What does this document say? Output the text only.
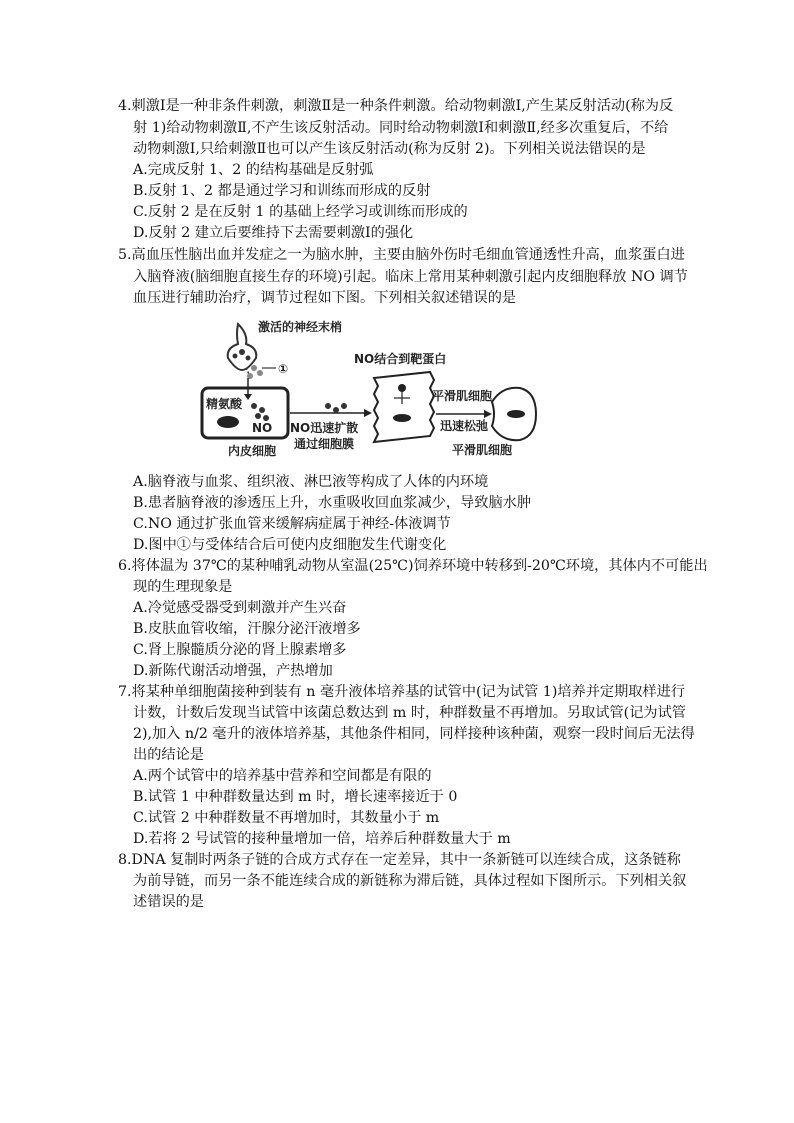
4.刺激Ⅰ是一种非条件刺激，刺激Ⅱ是一种条件刺激。给动物刺激Ⅰ,产生某反射活动(称为反
射 1)给动物刺激Ⅱ,不产生该反射活动。同时给动物刺激Ⅰ和刺激Ⅱ,经多次重复后，不给
动物刺激Ⅰ,只给刺激Ⅱ也可以产生该反射活动(称为反射 2)。下列相关说法错误的是
A.完成反射 1、2 的结构基础是反射弧
B.反射 1、2 都是通过学习和训练而形成的反射
C.反射 2 是在反射 1 的基础上经学习或训练而形成的
D.反射 2 建立后要维持下去需要刺激Ⅰ的强化
5.高血压性脑出血并发症之一为脑水肿，主要由脑外伤时毛细血管通透性升高，血浆蛋白进
入脑脊液(脑细胞直接生存的环境)引起。临床上常用某种刺激引起内皮细胞释放 NO 调节
血压进行辅助治疗，调节过程如下图。下列相关叙述错误的是
激活的神经末梢
①
精氨酸
NO
内皮细胞
NO迅速扩散
通过细胞膜
NO结合到靶蛋白
平滑肌细胞
迅速松弛
平滑肌细胞
A.脑脊液与血浆、组织液、淋巴液等构成了人体的内环境
B.患者脑脊液的渗透压上升，水重吸收回血浆减少，导致脑水肿
C.NO 通过扩张血管来缓解病症属于神经-体液调节
D.图中①与受体结合后可使内皮细胞发生代谢变化
6.将体温为 37℃的某种哺乳动物从室温(25℃)饲养环境中转移到-20℃环境，其体内不可能出
现的生理现象是
A.冷觉感受器受到刺激并产生兴奋
B.皮肤血管收缩，汗腺分泌汗液增多
C.肾上腺髓质分泌的肾上腺素增多
D.新陈代谢活动增强，产热增加
7.将某种单细胞菌接种到装有 n 毫升液体培养基的试管中(记为试管 1)培养并定期取样进行
计数，计数后发现当试管中该菌总数达到 m 时，种群数量不再增加。另取试管(记为试管
2),加入 n/2 毫升的液体培养基，其他条件相同，同样接种该种菌，观察一段时间后无法得
出的结论是
A.两个试管中的培养基中营养和空间都是有限的
B.试管 1 中种群数量达到 m 时，增长速率接近于 0
C.试管 2 中种群数量不再增加时，其数量小于 m
D.若将 2 号试管的接种量增加一倍，培养后种群数量大于 m
8.DNA 复制时两条子链的合成方式存在一定差异，其中一条新链可以连续合成，这条链称
为前导链，而另一条不能连续合成的新链称为滞后链，具体过程如下图所示。下列相关叙
述错误的是
